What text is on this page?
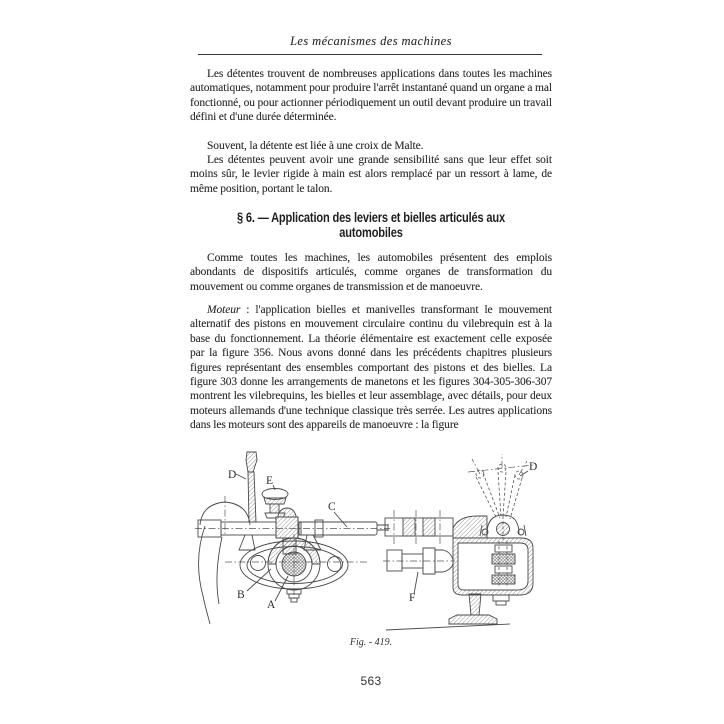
Les mécanismes des machines

Les détentes trouvent de nombreuses applications dans toutes les machines automatiques, notamment pour produire l'arrêt instantané quand un organe a mal fonctionné, ou pour actionner périodiquement un outil devant produire un travail défini et d'une durée déterminée.

Souvent, la détente est liée à une croix de Malte.

Les détentes peuvent avoir une grande sensibilité sans que leur effet soit moins sûr, le levier rigide à main est alors remplacé par un ressort à lame, de même position, portant le talon.

§ 6. — Application des leviers et bielles articulés aux
automobiles

Comme toutes les machines, les automobiles présentent des emplois abondants de dispositifs articulés, comme organes de transformation du mouvement ou comme organes de transmission et de manoeuvre.

Moteur : l'application bielles et manivelles transformant le mouvement alternatif des pistons en mouvement circulaire continu du vilebrequin est à la base du fonctionnement. La théorie élémentaire est exactement celle exposée par la figure 356. Nous avons donné dans les précédents chapitres plusieurs figures représentant des ensembles comportant des pistons et des bielles. La figure 303 donne les arrangements de manetons et les figures 304-305-306-307 montrent les vilebrequins, les bielles et leur assemblage, avec détails, pour deux moteurs allemands d'une technique classique très serrée. Les autres applications dans les moteurs sont des appareils de manoeuvre : la figure

D	E
C
B
A
D
F
Fig. - 419.
563
